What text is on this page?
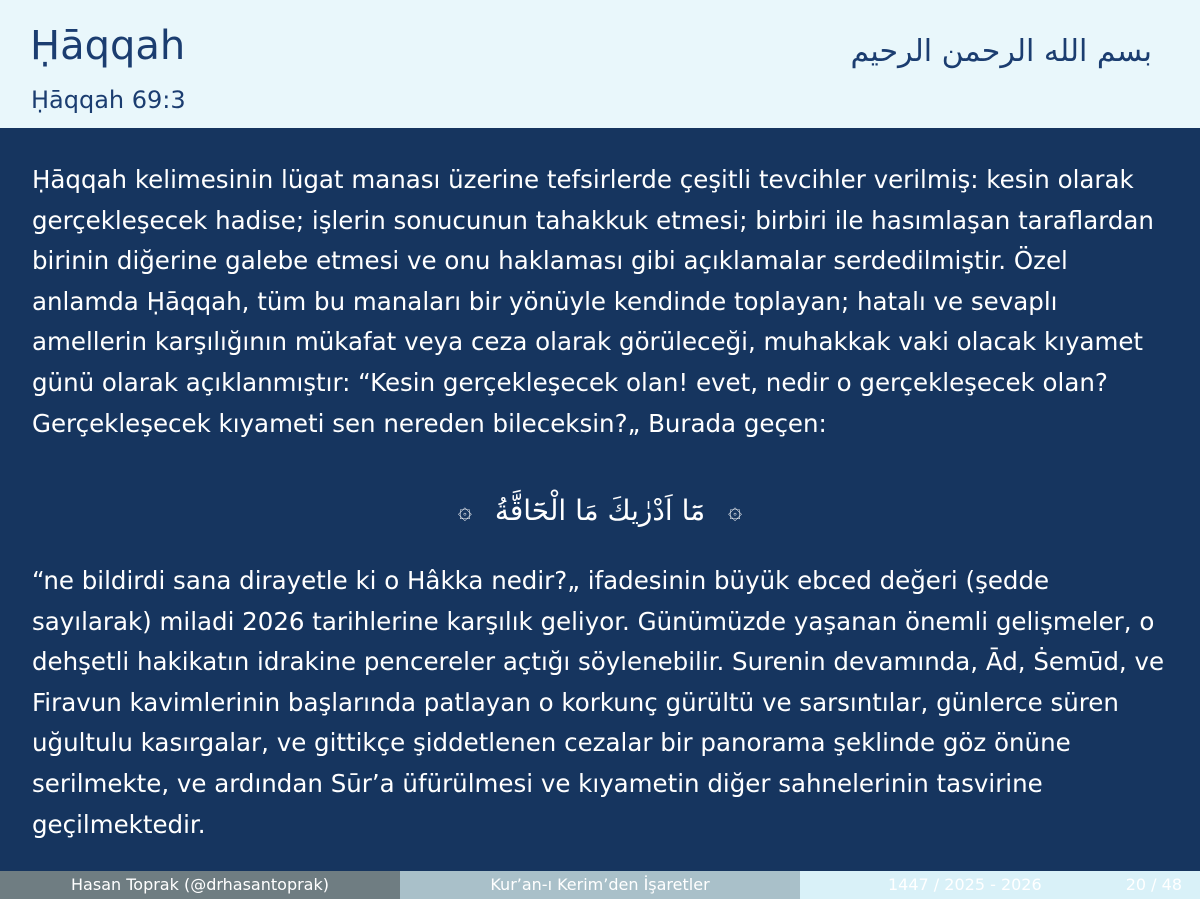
Ḥāqqah
Ḥāqqah 69:3
بسم الله الرحمن الرحيم

Ḥāqqah kelimesinin lügat manası üzerine tefsirlerde çeşitli tevcihler verilmiş: kesin olarak gerçekleşecek hadise; işlerin sonucunun tahakkuk etmesi; birbiri ile hasımlaşan taraflardan birinin diğerine galebe etmesi ve onu haklaması gibi açıklamalar serdedilmiştir. Özel anlamda Ḥāqqah, tüm bu manaları bir yönüyle kendinde toplayan; hatalı ve sevaplı amellerin karşılığının mükafat veya ceza olarak görüleceği, muhakkak vaki olacak kıyamet günü olarak açıklanmıştır: “Kesin gerçekleşecek olan! evet, nedir o gerçekleşecek olan? Gerçekleşecek kıyameti sen nereden bileceksin?„ Burada geçen:

۞ مَٓا اَدْرٰيكَ مَا الْحَٓاقَّةُ ۞

“ne bildirdi sana dirayetle ki o Hâkka nedir?„ ifadesinin büyük ebced değeri (şedde sayılarak) miladi 2026 tarihlerine karşılık geliyor. Günümüzde yaşanan önemli gelişmeler, o dehşetli hakikatın idrakine pencereler açtığı söylenebilir. Surenin devamında, Ād, Ṡemūd, ve Firavun kavimlerinin başlarında patlayan o korkunç gürültü ve sarsıntılar, günlerce süren uğultulu kasırgalar, ve gittikçe şiddetlenen cezalar bir panorama şeklinde göz önüne serilmekte, ve ardından Sūr’a üfürülmesi ve kıyametin diğer sahnelerinin tasvirine geçilmektedir.

Hasan Toprak (@drhasantoprak)	Kur’an-ı Kerim’den İşaretler	1447 / 2025 - 2026	20 / 48
